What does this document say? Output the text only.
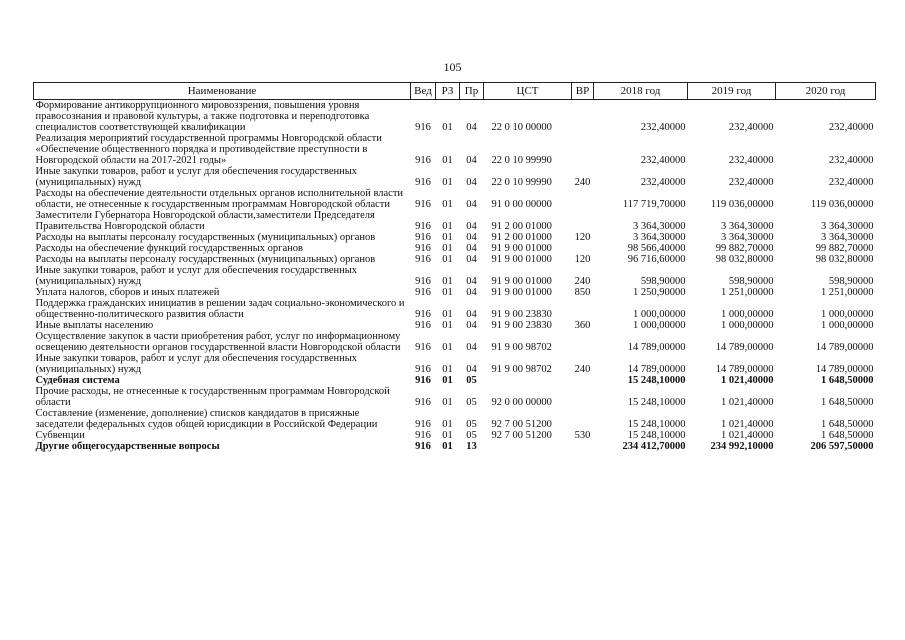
105
Наименование	Вед	РЗ	Пр	ЦСТ	ВР	2018 год	2019 год	2020 год
Формирование антикоррупционного мировоззрения, повышения уровня правосознания и правовой культуры, а также подготовка и переподготовка специалистов соответствующей квалификации	916	01	04	22 0 10 00000		232,40000	232,40000	232,40000
Реализация мероприятий государственной программы Новгородской области «Обеспечение общественного порядка и противодействие преступности в Новгородской области на 2017-2021 годы»	916	01	04	22 0 10 99990		232,40000	232,40000	232,40000
Иные закупки товаров, работ и услуг для обеспечения государственных (муниципальных) нужд	916	01	04	22 0 10 99990	240	232,40000	232,40000	232,40000
Расходы на обеспечение деятельности отдельных органов исполнительной власти области, не отнесенные к государственным программам Новгородской области	916	01	04	91 0 00 00000		117 719,70000	119 036,00000	119 036,00000
Заместители Губернатора Новгородской области,заместители Председателя Правительства Новгородской области	916	01	04	91 2 00 01000		3 364,30000	3 364,30000	3 364,30000
Расходы на выплаты персоналу государственных (муниципальных) органов	916	01	04	91 2 00 01000	120	3 364,30000	3 364,30000	3 364,30000
Расходы на обеспечение функций государственных органов	916	01	04	91 9 00 01000		98 566,40000	99 882,70000	99 882,70000
Расходы на выплаты персоналу государственных (муниципальных) органов	916	01	04	91 9 00 01000	120	96 716,60000	98 032,80000	98 032,80000
Иные закупки товаров, работ и услуг для обеспечения государственных (муниципальных) нужд	916	01	04	91 9 00 01000	240	598,90000	598,90000	598,90000
Уплата налогов, сборов и иных платежей	916	01	04	91 9 00 01000	850	1 250,90000	1 251,00000	1 251,00000
Поддержка гражданских инициатив в решении задач социально-экономического и общественно-политического развития области	916	01	04	91 9 00 23830		1 000,00000	1 000,00000	1 000,00000
Иные выплаты населению	916	01	04	91 9 00 23830	360	1 000,00000	1 000,00000	1 000,00000
Осуществление закупок в части приобретения работ, услуг по информационному освещению деятельности органов государственной власти Новгородской области	916	01	04	91 9 00 98702		14 789,00000	14 789,00000	14 789,00000
Иные закупки товаров, работ и услуг для обеспечения государственных (муниципальных) нужд	916	01	04	91 9 00 98702	240	14 789,00000	14 789,00000	14 789,00000
Судебная система	916	01	05			15 248,10000	1 021,40000	1 648,50000
Прочие расходы, не отнесенные к государственным программам Новгородской области	916	01	05	92 0 00 00000		15 248,10000	1 021,40000	1 648,50000
Составление (изменение, дополнение) списков кандидатов в присяжные заседатели федеральных судов общей юрисдикции в Российской Федерации	916	01	05	92 7 00 51200		15 248,10000	1 021,40000	1 648,50000
Субвенции	916	01	05	92 7 00 51200	530	15 248,10000	1 021,40000	1 648,50000
Другие общегосударственные вопросы	916	01	13			234 412,70000	234 992,10000	206 597,50000
